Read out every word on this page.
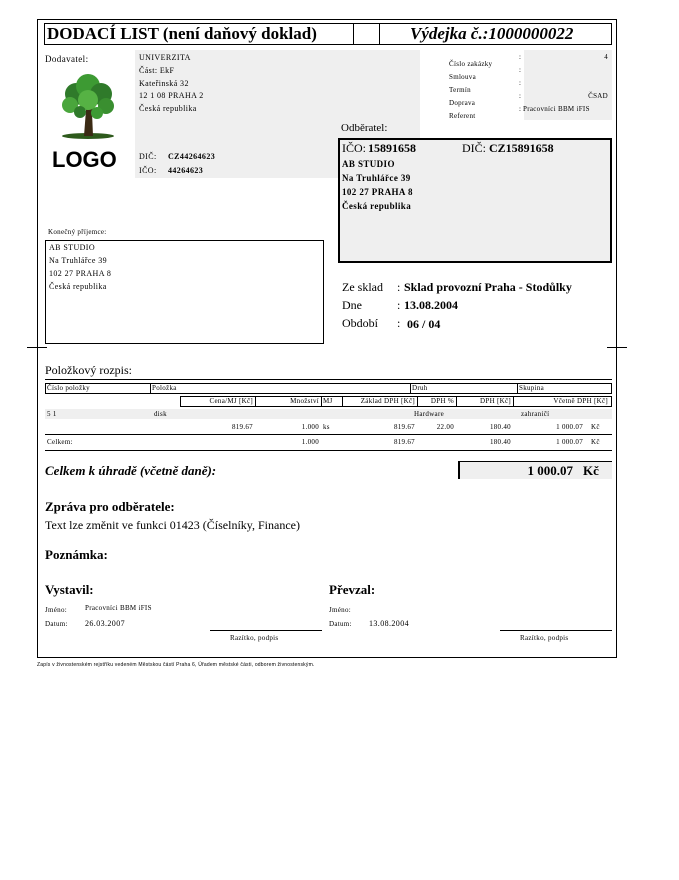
DODACÍ LIST (není daňový doklad)	Výdejka č.:1000000022
Dodavatel:	UNIVERZITA
Část: EkF
Kateřinská 32
12 1 08 PRAHA 2
Česká republika
DIČ: CZ44264623
IČO: 44264623
LOGO
Číslo zakázky
:	4
Smlouva
:
Termín
:
Doprava
:	ČSAD
Referent
: Pracovníci BBM iFIS
Odběratel:
IČO: 15891658	DIČ: CZ15891658
AB STUDIO
Na Truhlářce 39
102 27 PRAHA 8
Česká republika
Konečný příjemce:
AB STUDIO
Na Truhlářce 39
102 27 PRAHA 8
Česká republika	Ze sklad : Sklad provozní Praha - Stodůlky
Dne	: 13.08.2004
Období : 06 / 04
Položkový rozpis:
Číslo položky	Položka	Druh	Skupina
Cena/MJ [Kč]	Množství MJ	Základ DPH [Kč]	DPH %	DPH [Kč]	Včetně DPH [Kč]
5 1	disk	Hardware	zahraničí
819.67	1.000 ks	819.67	22.00	180.40	1 000.07 Kč
Celkem:	1.000	819.67	180.40	1 000.07 Kč
Celkem k úhradě (včetně daně):	1 000.07 Kč
Zpráva pro odběratele:
Text lze změnit ve funkci 01423 (Číselníky, Finance)
Poznámka:
Vystavil:
Jméno:	Pracovníci BBM iFIS
Datum: 26.03.2007
Razítko, podpis
Převzal:
Jméno:
Datum: 13.08.2004
Razítko, podpis
Zapís v živnostenském rejstříku vedeném Městskou částí Praha 6, Úřadem městské části, odborem živnostenským.
